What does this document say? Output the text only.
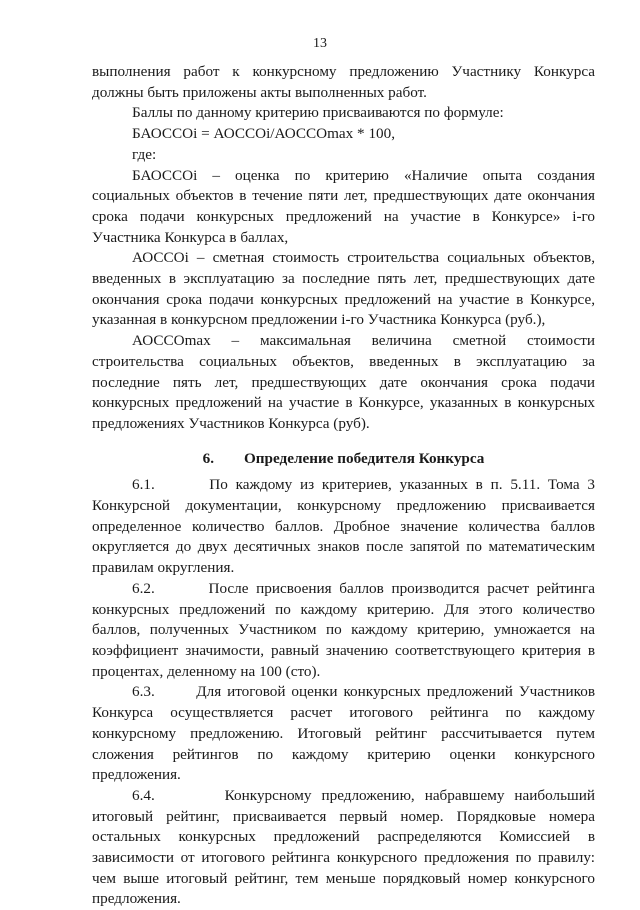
13

выполнения работ к конкурсному предложению Участнику Конкурса должны быть приложены акты выполненных работ.

Баллы по данному критерию присваиваются по формуле:

БАОССОi = АОССОi/АОССОmax * 100,

где:

БАОССОi – оценка по критерию «Наличие опыта создания социальных объектов в течение пяти лет, предшествующих дате окончания срока подачи конкурсных предложений на участие в Конкурсе» i-го Участника Конкурса в баллах,

АОССОi – сметная стоимость строительства социальных объектов, введенных в эксплуатацию за последние пять лет, предшествующих дате окончания срока подачи конкурсных предложений на участие в Конкурсе, указанная в конкурсном предложении i-го Участника Конкурса (руб.),

АОССОmax – максимальная величина сметной стоимости строительства социальных объектов, введенных в эксплуатацию за последние пять лет, предшествующих дате окончания срока подачи конкурсных предложений на участие в Конкурсе, указанных в конкурсных предложениях Участников Конкурса (руб).

6. Определение победителя Конкурса

6.1.       По каждому из критериев, указанных в п. 5.11. Тома 3 Конкурсной документации, конкурсному предложению присваивается определенное количество баллов. Дробное значение количества баллов округляется до двух десятичных знаков после запятой по математическим правилам округления.

6.2.       После присвоения баллов производится расчет рейтинга конкурсных предложений по каждому критерию. Для этого количество баллов, полученных Участником по каждому критерию, умножается на коэффициент значимости, равный значению соответствующего критерия в процентах, деленному на 100 (сто).

6.3.       Для итоговой оценки конкурсных предложений Участников Конкурса осуществляется расчет итогового рейтинга по каждому конкурсному предложению. Итоговый рейтинг рассчитывается путем сложения рейтингов по каждому критерию оценки конкурсного предложения.

6.4.       Конкурсному предложению, набравшему наибольший итоговый рейтинг, присваивается первый номер. Порядковые номера остальных конкурсных предложений распределяются Комиссией в зависимости от итогового рейтинга конкурсного предложения по правилу: чем выше итоговый рейтинг, тем меньше порядковый номер конкурсного предложения.
